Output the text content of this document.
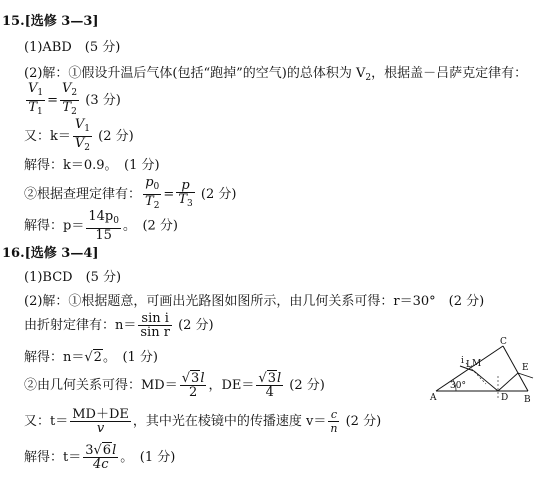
15.[选修 3—3]
(1)ABD　(5 分)
(2)解：①假设升温后气体(包括“跑掉”的空气)的总体积为 $V_2$，根据盖－吕萨克定律有：
$\frac{V_1}{T_1} = \frac{V_2}{T_2} (3$ 分)
又：$k= \frac{V_1}{V_2} (2$ 分)
解得：k＝0.9。　(1 分)
②根据查理定律有： $\frac{p_0}{T_2} = \frac{p}{T_3} (2$ 分)
解得：$p= \frac{14p_0}{15}$ 。　(2 分)
16.[选修 3—4]
(1)BCD　(5 分)
(2)解：①根据题意，可画出光路图如图所示，由几何关系可得：r＝30°　(2 分)
由折射定律有：$n= \frac{\text{sin i}}{\text{sin r}} (2$ 分)
解得：n＝√2。　(1 分)
②由几何关系可得：$MD= \frac{√3l}{2}$ ，$DE= \frac{√3l}{4} (2$ 分)
又：$t= \frac{MD+DE}{v}$ ，其中光在棱镜中的传播速度 $v= \frac{c}{n} (2$ 分)
解得：$t= \frac{3√6l}{4c}$ 。　(1 分)
A	B
C
D
E
M
i L
30°
